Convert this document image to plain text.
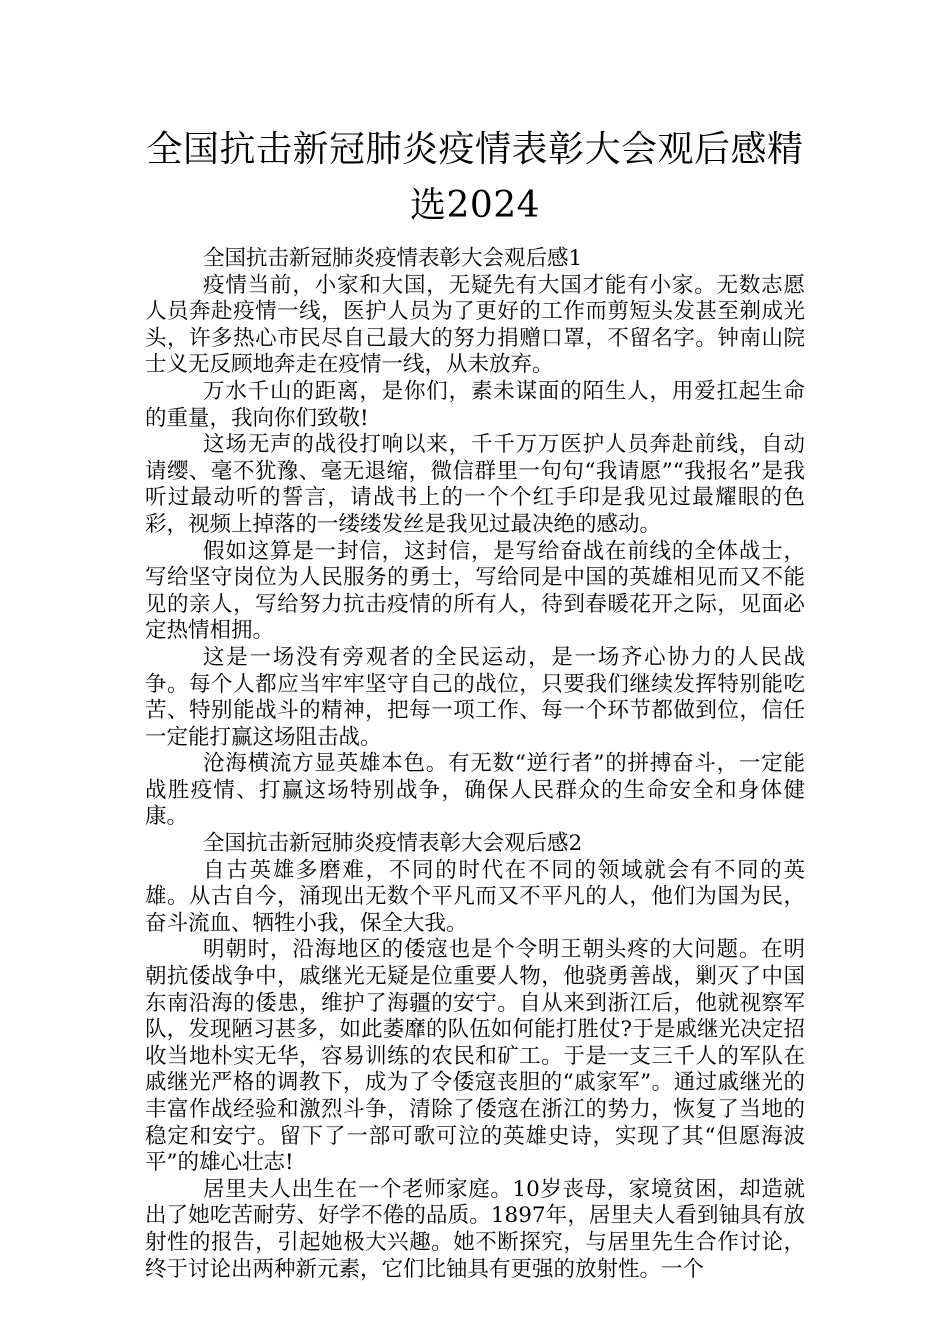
全国抗击新冠肺炎疫情表彰大会观后感精选2024

全国抗击新冠肺炎疫情表彰大会观后感1

疫情当前，小家和大国，无疑先有大国才能有小家。无数志愿人员奔赴疫情一线，医护人员为了更好的工作而剪短头发甚至剃成光头，许多热心市民尽自己最大的努力捐赠口罩，不留名字。钟南山院士义无反顾地奔走在疫情一线，从未放弃。

万水千山的距离，是你们，素未谋面的陌生人，用爱扛起生命的重量，我向你们致敬!

这场无声的战役打响以来，千千万万医护人员奔赴前线，自动请缨、毫不犹豫、毫无退缩，微信群里一句句“我请愿”“我报名”是我听过最动听的誓言，请战书上的一个个红手印是我见过最耀眼的色彩，视频上掉落的一缕缕发丝是我见过最决绝的感动。

假如这算是一封信，这封信，是写给奋战在前线的全体战士，写给坚守岗位为人民服务的勇士，写给同是中国的英雄相见而又不能见的亲人，写给努力抗击疫情的所有人，待到春暖花开之际，见面必定热情相拥。

这是一场没有旁观者的全民运动，是一场齐心协力的人民战争。每个人都应当牢牢坚守自己的战位，只要我们继续发挥特别能吃苦、特别能战斗的精神，把每一项工作、每一个环节都做到位，信任一定能打赢这场阻击战。

沧海横流方显英雄本色。有无数“逆行者”的拼搏奋斗，一定能战胜疫情、打赢这场特别战争，确保人民群众的生命安全和身体健康。

全国抗击新冠肺炎疫情表彰大会观后感2

自古英雄多磨难，不同的时代在不同的领域就会有不同的英雄。从古自今，涌现出无数个平凡而又不平凡的人，他们为国为民，奋斗流血、牺牲小我，保全大我。

明朝时，沿海地区的倭寇也是个令明王朝头疼的大问题。在明朝抗倭战争中，戚继光无疑是位重要人物，他骁勇善战，剿灭了中国东南沿海的倭患，维护了海疆的安宁。自从来到浙江后，他就视察军队，发现陋习甚多，如此萎靡的队伍如何能打胜仗?于是戚继光决定招收当地朴实无华，容易训练的农民和矿工。于是一支三千人的军队在戚继光严格的调教下，成为了令倭寇丧胆的“戚家军”。通过戚继光的丰富作战经验和激烈斗争，清除了倭寇在浙江的势力，恢复了当地的稳定和安宁。留下了一部可歌可泣的英雄史诗，实现了其“但愿海波平”的雄心壮志!

居里夫人出生在一个老师家庭。10岁丧母，家境贫困，却造就出了她吃苦耐劳、好学不倦的品质。1897年，居里夫人看到铀具有放射性的报告，引起她极大兴趣。她不断探究，与居里先生合作讨论，终于讨论出两种新元素，它们比铀具有更强的放射性。一个
